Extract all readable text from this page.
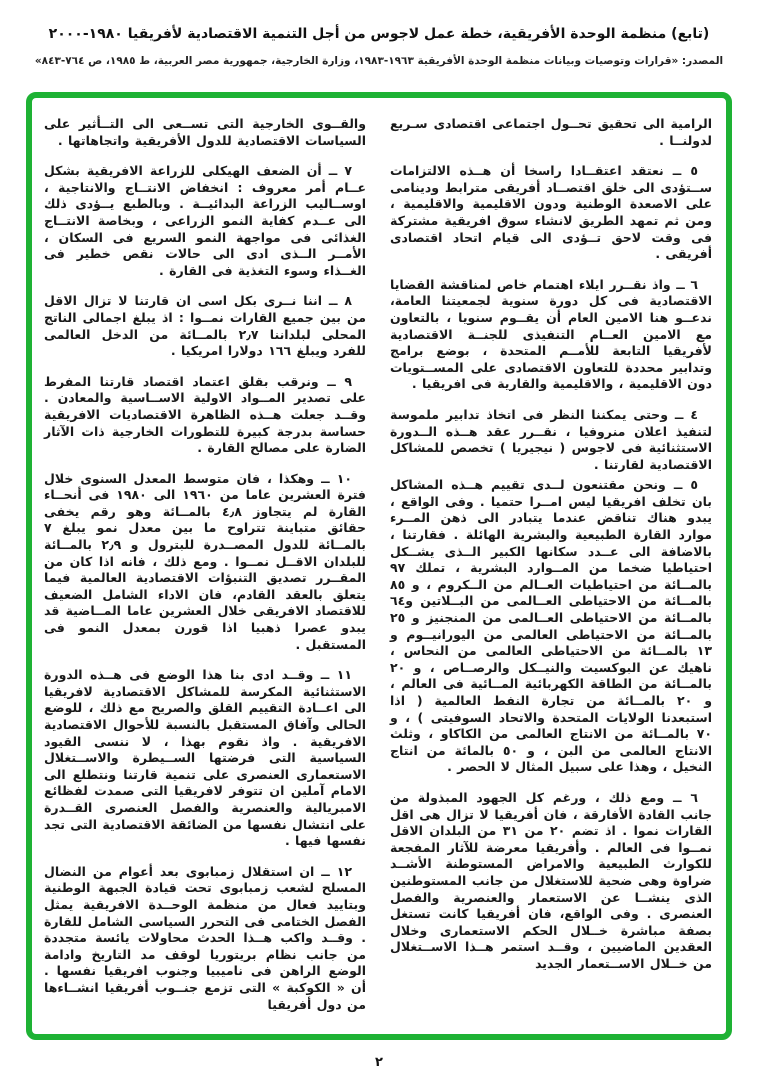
(تابع) منظمة الوحدة الأفريقية، خطة عمل لاجوس من أجل التنمية الاقتصادية لأفريقيا ١٩٨٠-٢٠٠٠
المصدر: «قرارات وتوصيات وبيانات منظمة الوحدة الأفريقية ١٩٦٣-١٩٨٣، وزارة الخارجية، جمهورية مصر العربية، ط ١٩٨٥، ص ٧٦٤-٨٤٣»

الرامية الى تحقيق تحــول اجتماعى اقتصادى سـريع لدولنــا .

٥ ــ نعتقد اعتقــادا راسخا أن هــذه الالتزامات ســتؤدى الى خلق اقتصــاد أفريقى مترابط ودينامى على الاصعدة الوطنية ودون الاقليمية والاقليمية ، ومن ثم تمهد الطريق لانشاء سوق افريقية مشتركة فى وقت لاحق تــؤدى الى قيام اتحاد اقتصادى أفريقى .

٦ ــ واذ نقــرر ايلاء اهتمام خاص لمناقشة القضايا الاقتصادية فى كل دورة سنوية لجمعيتنا العامة، ندعــو هنا الامين العام أن يقــوم سنويا ، بالتعاون مع الامين العــام التنفيذى للجنــة الاقتصادية لأفريقيا التابعة للأمــم المتحدة ، بوضع برامج وتدابير محددة للتعاون الاقتصادى على المســتويات دون الاقليمية ، والاقليمية والقارية فى افريقيا .

٤ ــ وحتى يمكننا النظر فى اتخاذ تدابير ملموسة لتنفيذ اعلان منروفيا ، نقــرر عقد هــذه الــدورة الاستثنائية فى لاجوس ( نيجيريا ) تخصص للمشاكل الاقتصادية لقارتنا .

٥ ــ ونحن مقتنعون لــدى تقييم هــذه المشاكل بان تخلف افريقيا ليس امــرا حتميا . وفى الواقع ، يبدو هناك تناقض عندما يتبادر الى ذهن المــرء موارد القارة الطبيعية والبشرية الهائلة . فقارتنا ، بالاضافة الى عــدد سكانها الكبير الــذى يشــكل احتياطيا ضخما من المــوارد البشرية ، تملك ٩٧ بالمــائة من احتياطيات العــالم من الــكروم ، و ٨٥ بالمــائة من الاحتياطى العــالمى من البــلاتين و٦٤ بالمــائة من الاحتياطى العــالمى من المنجنيز و ٢٥ بالمــائة من الاحتياطى العالمى من اليورانيــوم و ١٣ بالمــائة من الاحتياطى العالمى من النحاس ، ناهيك عن البوكسيت والنيــكل والرصــاص ، و ٢٠ بالمــائة من الطاقة الكهربائية المــائية فى العالم ، و ٢٠ بالمــائة من تجارة النفط العالمية ( اذا استبعدنا الولايات المتحدة والاتحاد السوفيتى ) ، و ٧٠ بالمــائة من الانتاج العالمى من الكاكاو ، وثلث الانتاج العالمى من البن ، و ٥٠ بالمائة من انتاج النخيل ، وهذا على سبيل المثال لا الحصر .

٦ ــ ومع ذلك ، ورغم كل الجهود المبذولة من جانب القادة الأفارقة ، فان أفريقيا لا تزال هى اقل القارات نموا . اذ تضم ٢٠ من ٣١ من البلدان الاقل نمــوا فى العالم . وأفريقيا معرضة للآثار المفجعة للكوارث الطبيعية والامراض المستوطنة الأشــد ضراوة وهى ضحية للاستغلال من جانب المستوطنين الذى ينشــا عن الاستعمار والعنصرية والفصل العنصرى . وفى الواقع، فان أفريقيا كانت تستغل بصفة مباشرة خــلال الحكم الاستعمارى وخلال العقدين الماضيين ، وقــد استمر هــذا الاســتغلال من خــلال الاســتعمار الجديد

والقــوى الخارجية التى تســعى الى التــأثير على السياسات الاقتصادية للدول الأفريقية واتجاهاتها .

٧ ــ أن الضعف الهيكلى للزراعة الافريقية بشكل عــام أمر معروف : انخفاض الانتــاج والانتاجية ، اوســاليب الزراعة البدائيــة . وبالطبع يــؤدى ذلك الى عــدم كفاية النمو الزراعى ، وبخاصة الانتــاج الغذائى فى مواجهة النمو السريع فى السكان ، الأمــر الــذى ادى الى حالات نقص خطير فى الغــذاء وسوء التغذية فى القارة .

٨ ــ اننا نــرى بكل اسى ان قارتنا لا تزال الاقل من بين جميع القارات نمــوا : اذ يبلغ اجمالى الناتج المحلى لبلداننا ٢٫٧ بالمــائة من الدخل العالمى للفرد ويبلغ ١٦٦ دولارا امريكيا .

٩ ــ ونرقب بقلق اعتماد اقتصاد قارتنا المفرط على تصدير المــواد الاولية الاســاسية والمعادن . وقــد جعلت هــذه الظاهرة الاقتصاديات الافريقية حساسة بدرجة كبيرة للتطورات الخارجية ذات الآثار الضارة على مصالح القارة .

١٠ ــ وهكذا ، فان متوسط المعدل السنوى خلال فترة العشرين عاما من ١٩٦٠ الى ١٩٨٠ فى أنحــاء القارة لم يتجاوز ٤٫٨ بالمــائة وهو رقم يخفى حقائق متباينة تتراوح ما بين معدل نمو يبلغ ٧ بالمــائة للدول المصــدرة للبترول و ٢٫٩ بالمــائة للبلدان الاقــل نمــوا . ومع ذلك ، فانه اذا كان من المقــرر تصديق التنبؤات الاقتصادية العالمية فيما يتعلق بالعقد القادم، فان الاداء الشامل الضعيف للاقتصاد الافريقى خلال العشرين عاما المــاضية قد يبدو عصرا ذهبيا اذا قورن بمعدل النمو فى المستقبل .

١١ ــ وقــد ادى بنا هذا الوضع فى هــذه الدورة الاستثنائية المكرسة للمشاكل الاقتصادية لافريقيا الى اعــادة التقييم القلق والصريح مع ذلك ، للوضع الحالى وآفاق المستقبل بالنسبة للأحوال الاقتصادية الافريقية . واذ نقوم بهذا ، لا ننسى القيود السياسية التى فرضتها الســيطرة والاســتغلال الاستعمارى العنصرى على تنمية قارتنا ونتطلع الى الامام آملين ان تتوفر لافريقيا التى صمدت لفظائع الامبريالية والعنصرية والفصل العنصرى القــدرة على انتشال نفسها من الضائقة الاقتصادية التى تجد نفسها فيها .

١٢ ــ ان استقلال زمبابوى بعد أعوام من النضال المسلح لشعب زمبابوى تحت قيادة الجبهة الوطنية وبتاييد فعال من منظمة الوحــدة الافريقية يمثل الفصل الختامى فى التحرر السياسى الشامل للقارة . وقــد واكب هــذا الحدث محاولات يائسة متجددة من جانب نظام بريتوريا لوقف مد التاريخ وادامة الوضع الراهن فى ناميبيا وجنوب افريقيا نفسها . أن « الكوكبة » التى تزمع جنــوب أفريقيا انشــاءها من دول أفريقيا

٢
